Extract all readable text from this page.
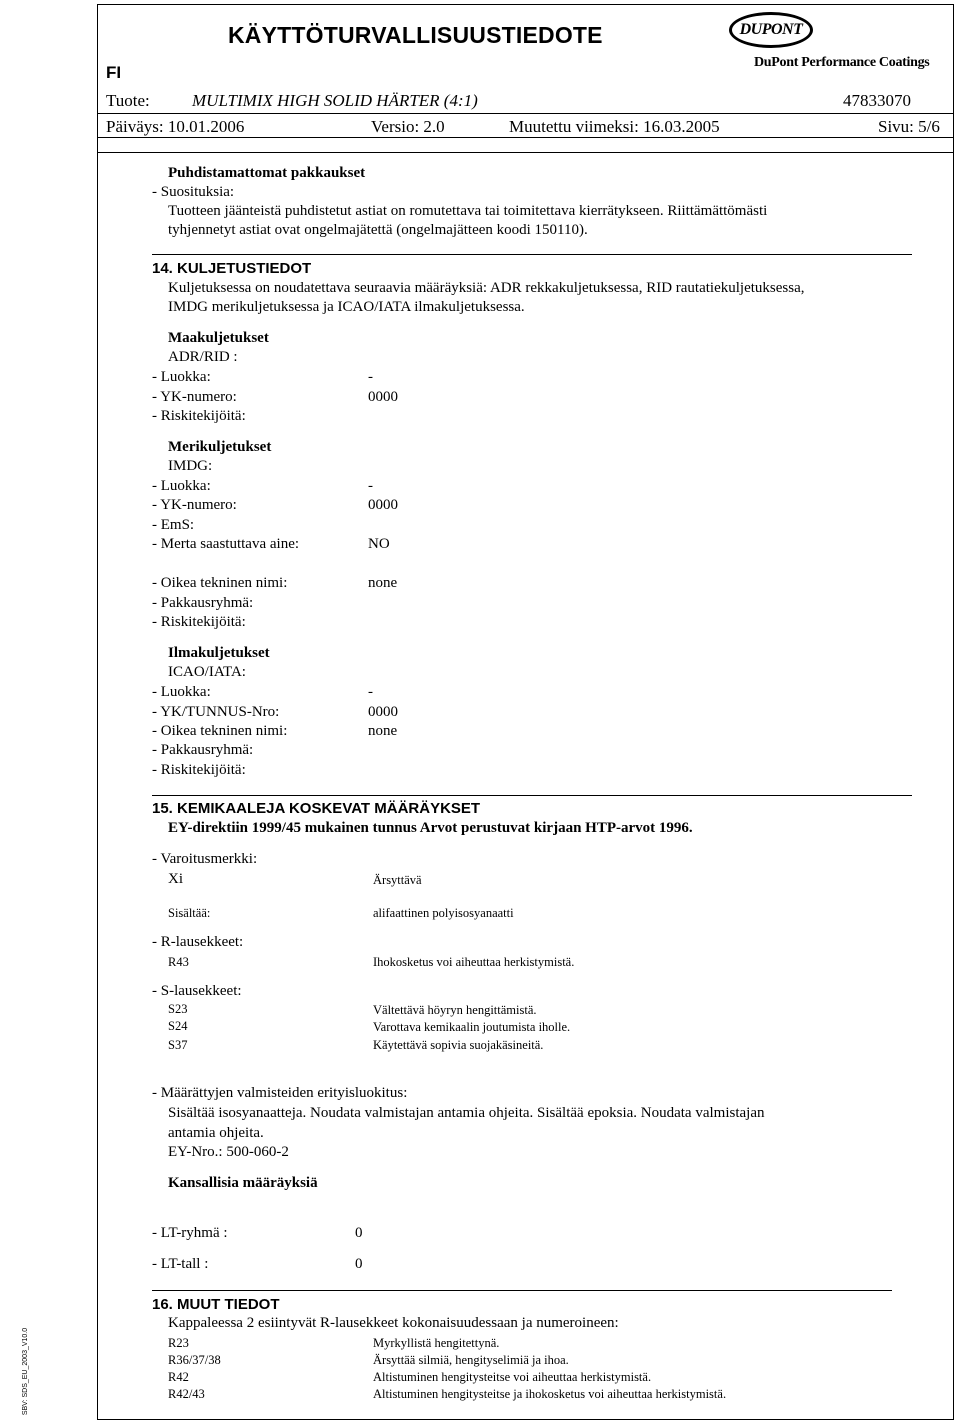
KÄYTTÖTURVALLISUUSTIEDOTE
FI
DUPONT
DuPont Performance Coatings
Tuote: MULTIMIX HIGH SOLID HÄRTER (4:1)	47833070
Päiväys: 10.01.2006	Versio: 2.0	Muutettu viimeksi: 16.03.2005	Sivu: 5/6
Puhdistamattomat pakkaukset
- Suosituksia:
Tuotteen jäänteistä puhdistetut astiat on romutettava tai toimitettava kierrätykseen. Riittämättömästi
tyhjennetyt astiat ovat ongelmajätettä (ongelmajätteen koodi 150110).
14. KULJETUSTIEDOT
Kuljetuksessa on noudatettava seuraavia määräyksiä: ADR rekkakuljetuksessa, RID rautatiekuljetuksessa,
IMDG merikuljetuksessa ja ICAO/IATA ilmakuljetuksessa.
Maakuljetukset
ADR/RID :
- Luokka:	-
- YK-numero:	0000
- Riskitekijöitä:
Merikuljetukset
IMDG:
- Luokka:	-
- YK-numero:	0000
- EmS:
- Merta saastuttava aine:	NO
- Oikea tekninen nimi:	none
- Pakkausryhmä:
- Riskitekijöitä:
Ilmakuljetukset
ICAO/IATA:
- Luokka:	-
- YK/TUNNUS-Nro:	0000
- Oikea tekninen nimi:	none
- Pakkausryhmä:
- Riskitekijöitä:
15. KEMIKAALEJA KOSKEVAT MÄÄRÄYKSET
EY-direktiin 1999/45 mukainen tunnus Arvot perustuvat kirjaan HTP-arvot 1996.
- Varoitusmerkki:
Xi	Ärsyttävä
Sisältää:	alifaattinen polyisosyanaatti
- R-lausekkeet:
R43	Ihokosketus voi aiheuttaa herkistymistä.
- S-lausekkeet:
S23	Vältettävä höyryn hengittämistä.
S24	Varottava kemikaalin joutumista iholle.
S37	Käytettävä sopivia suojakäsineitä.
- Määrättyjen valmisteiden erityisluokitus:
Sisältää isosyanaatteja. Noudata valmistajan antamia ohjeita. Sisältää epoksia. Noudata valmistajan
antamia ohjeita.
EY-Nro.: 500-060-2
Kansallisia määräyksiä
- LT-ryhmä :	0
- LT-tall :	0
16. MUUT TIEDOT
Kappaleessa 2 esiintyvät R-lausekkeet kokonaisuudessaan ja numeroineen:
R23	Myrkyllistä hengitettynä.
R36/37/38	Ärsyttää silmiä, hengityselimiä ja ihoa.
R42	Altistuminen hengitysteitse voi aiheuttaa herkistymistä.
R42/43	Altistuminen hengitysteitse ja ihokosketus voi aiheuttaa herkistymistä.
SBV: SDS_EU_2003_V10.0
